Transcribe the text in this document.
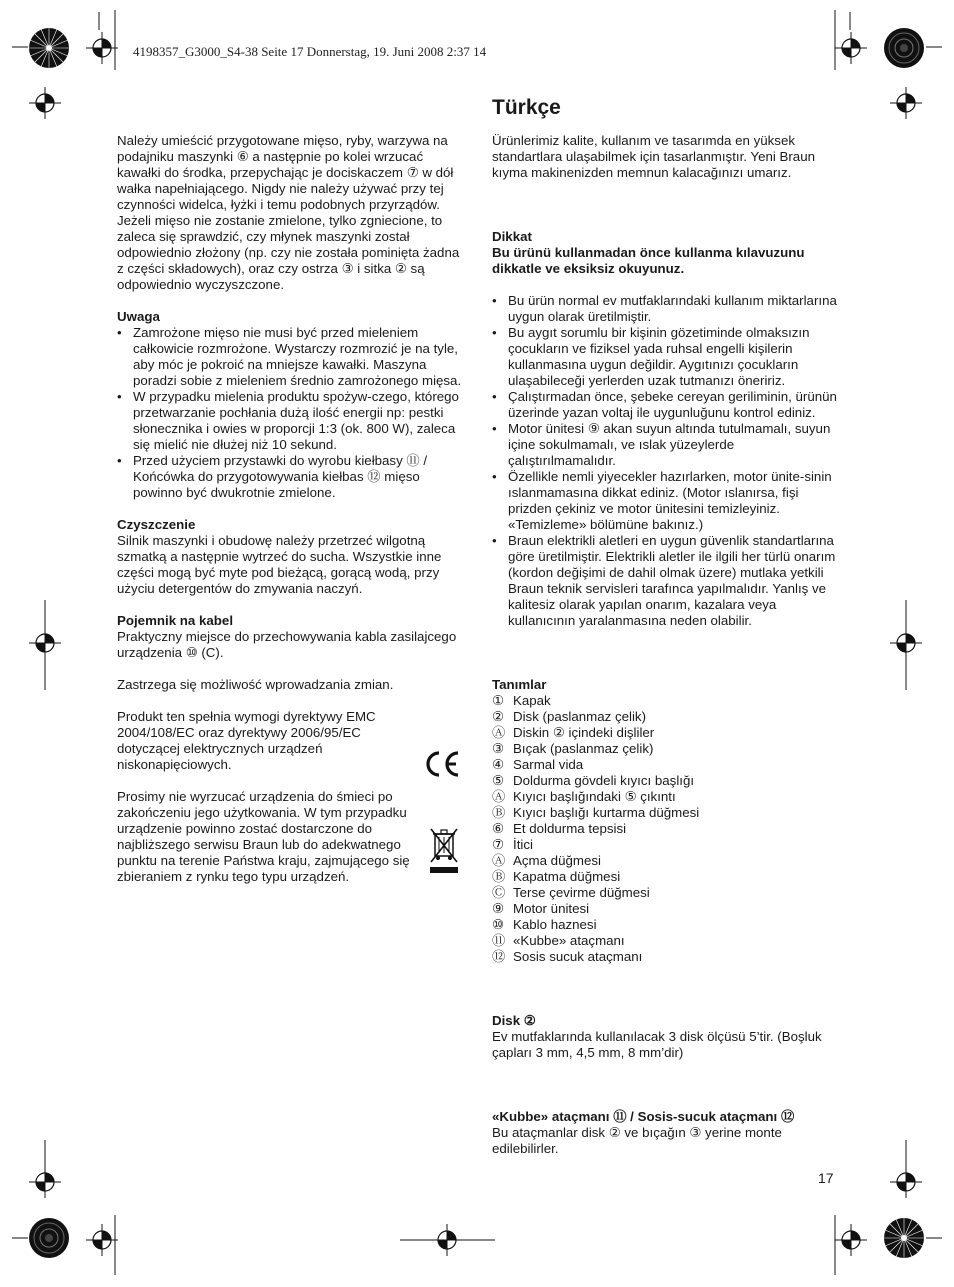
4198357_G3000_S4-38 Seite 17 Donnerstag, 19. Juni 2008 2:37 14

Należy umieścić przygotowane mięso, ryby, warzywa na podajniku maszynki ⑥ a następnie po kolei wrzucać kawałki do środka, przepychając je dociskaczem ⑦ w dół wałka napełniającego. Nigdy nie należy używać przy tej czynności widelca, łyżki i temu podobnych przyrządów. Jeżeli mięso nie zostanie zmielone, tylko zgniecione, to zaleca się sprawdzić, czy młynek maszynki został odpowiednio złożony (np. czy nie została pominięta żadna z części składowych), oraz czy ostrza ③ i sitka ② są odpowiednio wyczyszczone.

Uwaga

• Zamrożone mięso nie musi być przed mieleniem całkowicie rozmrożone. Wystarczy rozmrozić je na tyle, aby móc je pokroić na mniejsze kawałki. Maszyna poradzi sobie z mieleniem średnio zamrożonego mięsa.
• W przypadku mielenia produktu spożyw-czego, którego przetwarzanie pochłania dużą ilość energii np: pestki słonecznika i owies w proporcji 1:3 (ok. 800 W), zaleca się mielić nie dłużej niż 10 sekund.
• Przed użyciem przystawki do wyrobu kiełbasy ⑪ / Końcówka do przygotowywania kiełbas ⑫ mięso powinno być dwukrotnie zmielone.

Czyszczenie

Silnik maszynki i obudowę należy przetrzeć wilgotną szmatką a następnie wytrzeć do sucha. Wszystkie inne części mogą być myte pod bieżącą, gorącą wodą, przy użyciu detergentów do zmywania naczyń.

Pojemnik na kabel

Praktyczny miejsce do przechowywania kabla zasilajcego urządzenia ⑩ (C).

Zastrzega się możliwość wprowadzania zmian.

Produkt ten spełnia wymogi dyrektywy EMC 2004/108/EC oraz dyrektywy 2006/95/EC dotyczącej elektrycznych urządzeń niskonapięciowych.

Prosimy nie wyrzucać urządzenia do śmieci po zakończeniu jego użytkowania. W tym przypadku urządzenie powinno zostać dostarczone do najbliższego serwisu Braun lub do adekwatnego punktu na terenie Państwa kraju, zajmującego się zbieraniem z rynku tego typu urządzeń.

Türkçe

Ürünlerimiz kalite, kullanım ve tasarımda en yüksek standartlara ulaşabilmek için tasarlanmıştır. Yeni Braun kıyma makinenizden memnun kalacağınızı umarız.

Dikkat

Bu ürünü kullanmadan önce kullanma kılavuzunu dikkatle ve eksiksiz okuyunuz.

• Bu ürün normal ev mutfaklarındaki kullanım miktarlarına uygun olarak üretilmiştir.
• Bu aygıt sorumlu bir kişinin gözetiminde olmaksızın çocukların ve fiziksel yada ruhsal engelli kişilerin kullanmasına uygun değildir. Aygıtınızı çocukların ulaşabileceği yerlerden uzak tutmanızı öneririz.
• Çalıştırmadan önce, şebeke cereyan geriliminin, ürünün üzerinde yazan voltaj ile uygunluğunu kontrol ediniz.
• Motor ünitesi ⑨ akan suyun altında tutulmamalı, suyun içine sokulmamalı, ve ıslak yüzeylerde çalıştırılmamalıdır.
• Özellikle nemli yiyecekler hazırlarken, motor ünite-sinin ıslanmamasına dikkat ediniz. (Motor ıslanırsa, fişi prizden çekiniz ve motor ünitesini temizleyiniz. «Temizleme» bölümüne bakınız.)
• Braun elektrikli aletleri en uygun güvenlik standartlarına göre üretilmiştir. Elektrikli aletler ile ilgili her türlü onarım (kordon değişimi de dahil olmak üzere) mutlaka yetkili Braun teknik servisleri tarafınca yapılmalıdır. Yanlış ve kalitesiz olarak yapılan onarım, kazalara veya kullanıcının yaralanmasına neden olabilir.

Tanımlar

① Kapak
② Disk (paslanmaz çelik)
Ⓐ Diskin ② içindeki dişliler
③ Bıçak (paslanmaz çelik)
④ Sarmal vida
⑤ Doldurma gövdeli kıyıcı başlığı
Ⓐ Kıyıcı başlığındaki ⑤ çıkıntı
Ⓑ Kıyıcı başlığı kurtarma düğmesi
⑥ Et doldurma tepsisi
⑦ İtici
Ⓐ Açma düğmesi
Ⓑ Kapatma düğmesi
Ⓒ Terse çevirme düğmesi
⑨ Motor ünitesi
⑩ Kablo haznesi
⑪ «Kubbe» ataçmanı
⑫ Sosis sucuk ataçmanı

Disk ②

Ev mutfaklarında kullanılacak 3 disk ölçüsü 5’tir. (Boşluk çapları 3 mm, 4,5 mm, 8 mm’dir)

«Kubbe» ataçmanı ⑪ / Sosis-sucuk ataçmanı ⑫

Bu ataçmanlar disk ② ve bıçağın ③ yerine monte edilebilirler.

17
